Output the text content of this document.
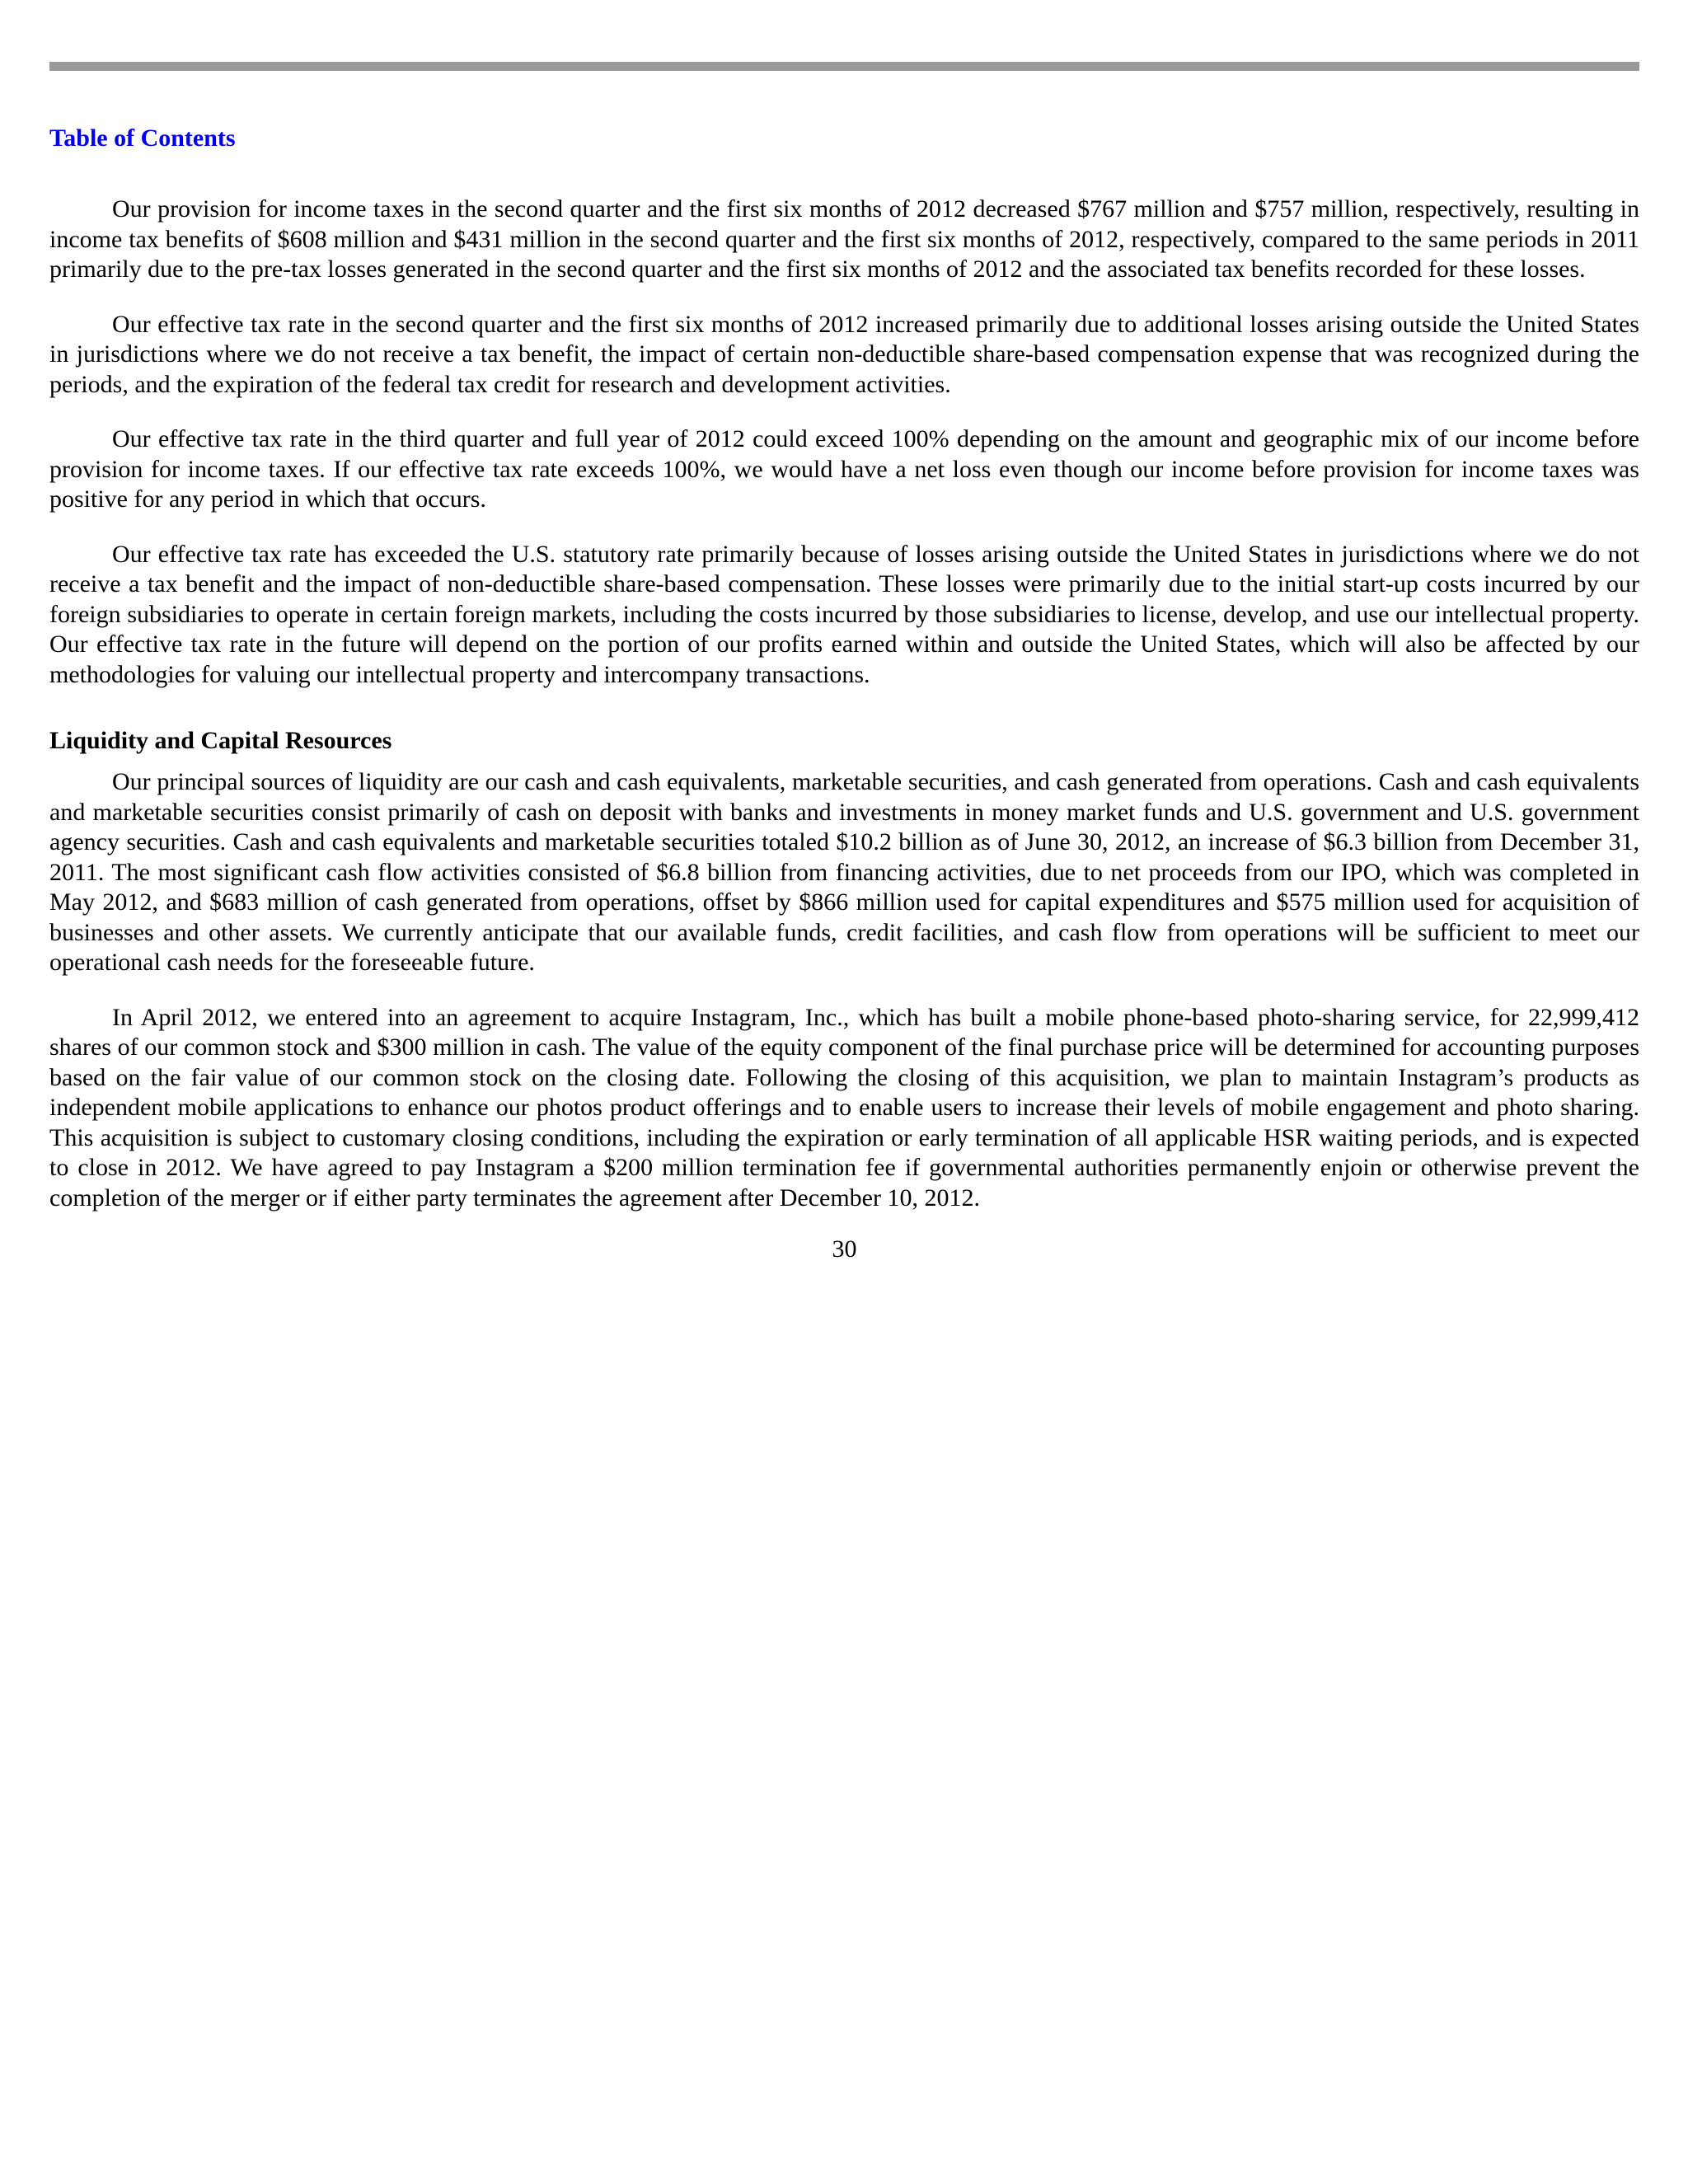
Table of Contents

Our provision for income taxes in the second quarter and the first six months of 2012 decreased $767 million and $757 million, respectively, resulting in income tax benefits of $608 million and $431 million in the second quarter and the first six months of 2012, respectively, compared to the same periods in 2011 primarily due to the pre-tax losses generated in the second quarter and the first six months of 2012 and the associated tax benefits recorded for these losses.

Our effective tax rate in the second quarter and the first six months of 2012 increased primarily due to additional losses arising outside the United States in jurisdictions where we do not receive a tax benefit, the impact of certain non-deductible share-based compensation expense that was recognized during the periods, and the expiration of the federal tax credit for research and development activities.

Our effective tax rate in the third quarter and full year of 2012 could exceed 100% depending on the amount and geographic mix of our income before provision for income taxes. If our effective tax rate exceeds 100%, we would have a net loss even though our income before provision for income taxes was positive for any period in which that occurs.

Our effective tax rate has exceeded the U.S. statutory rate primarily because of losses arising outside the United States in jurisdictions where we do not receive a tax benefit and the impact of non-deductible share-based compensation. These losses were primarily due to the initial start-up costs incurred by our foreign subsidiaries to operate in certain foreign markets, including the costs incurred by those subsidiaries to license, develop, and use our intellectual property. Our effective tax rate in the future will depend on the portion of our profits earned within and outside the United States, which will also be affected by our methodologies for valuing our intellectual property and intercompany transactions.

Liquidity and Capital Resources

Our principal sources of liquidity are our cash and cash equivalents, marketable securities, and cash generated from operations. Cash and cash equivalents and marketable securities consist primarily of cash on deposit with banks and investments in money market funds and U.S. government and U.S. government agency securities. Cash and cash equivalents and marketable securities totaled $10.2 billion as of June 30, 2012, an increase of $6.3 billion from December 31, 2011. The most significant cash flow activities consisted of $6.8 billion from financing activities, due to net proceeds from our IPO, which was completed in May 2012, and $683 million of cash generated from operations, offset by $866 million used for capital expenditures and $575 million used for acquisition of businesses and other assets. We currently anticipate that our available funds, credit facilities, and cash flow from operations will be sufficient to meet our operational cash needs for the foreseeable future.

In April 2012, we entered into an agreement to acquire Instagram, Inc., which has built a mobile phone-based photo-sharing service, for 22,999,412 shares of our common stock and $300 million in cash. The value of the equity component of the final purchase price will be determined for accounting purposes based on the fair value of our common stock on the closing date. Following the closing of this acquisition, we plan to maintain Instagram’s products as independent mobile applications to enhance our photos product offerings and to enable users to increase their levels of mobile engagement and photo sharing. This acquisition is subject to customary closing conditions, including the expiration or early termination of all applicable HSR waiting periods, and is expected to close in 2012. We have agreed to pay Instagram a $200 million termination fee if governmental authorities permanently enjoin or otherwise prevent the completion of the merger or if either party terminates the agreement after December 10, 2012.

30
